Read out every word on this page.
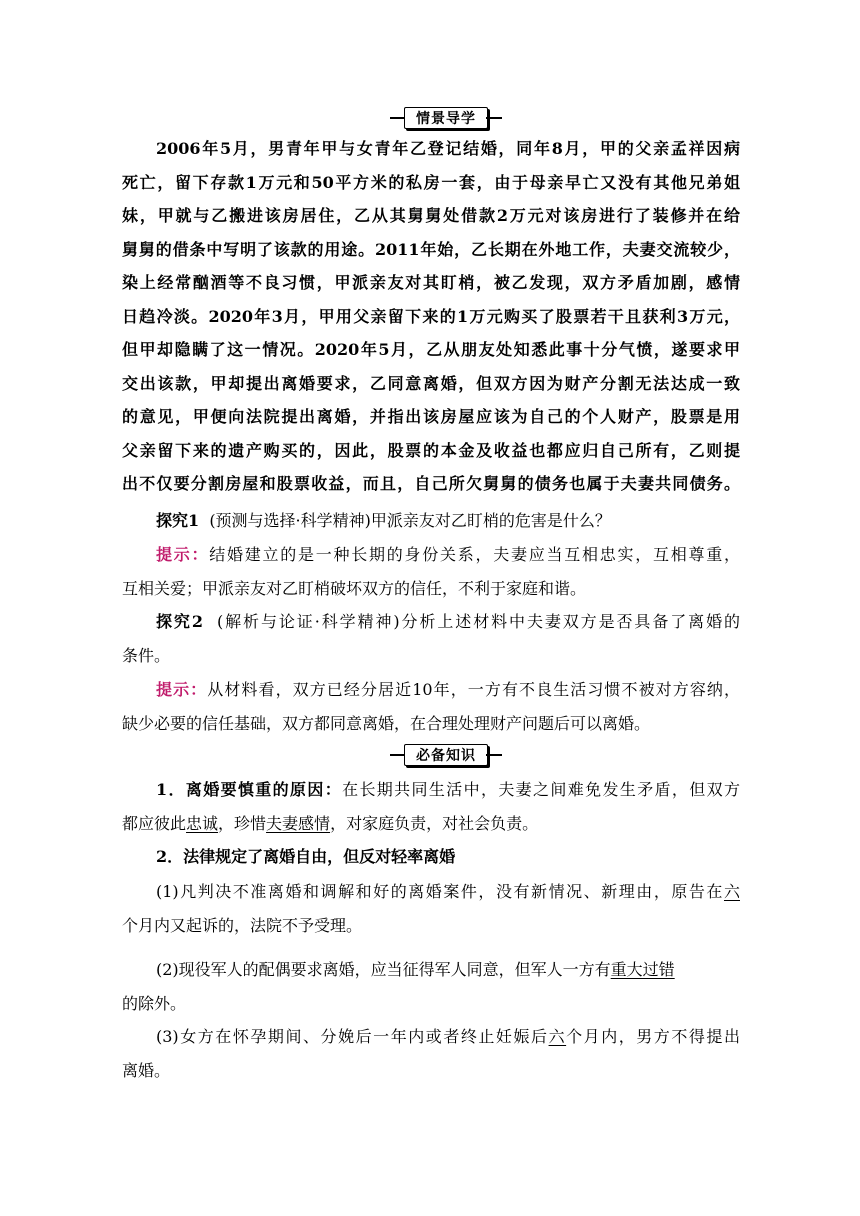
情景导学
2006年5月，男青年甲与女青年乙登记结婚，同年8月，甲的父亲孟祥因病
死亡，留下存款1万元和50平方米的私房一套，由于母亲早亡又没有其他兄弟姐
妹，甲就与乙搬进该房居住，乙从其舅舅处借款2万元对该房进行了装修并在给
舅舅的借条中写明了该款的用途。2011年始，乙长期在外地工作，夫妻交流较少，
染上经常酗酒等不良习惯，甲派亲友对其盯梢，被乙发现，双方矛盾加剧，感情
日趋冷淡。2020年3月，甲用父亲留下来的1万元购买了股票若干且获利3万元，
但甲却隐瞒了这一情况。2020年5月，乙从朋友处知悉此事十分气愤，遂要求甲
交出该款，甲却提出离婚要求，乙同意离婚，但双方因为财产分割无法达成一致
的意见，甲便向法院提出离婚，并指出该房屋应该为自己的个人财产，股票是用
父亲留下来的遗产购买的，因此，股票的本金及收益也都应归自己所有，乙则提
出不仅要分割房屋和股票收益，而且，自己所欠舅舅的债务也属于夫妻共同债务。
探究1 (预测与选择·科学精神)甲派亲友对乙盯梢的危害是什么？
提示：结婚建立的是一种长期的身份关系，夫妻应当互相忠实，互相尊重，
互相关爱；甲派亲友对乙盯梢破坏双方的信任，不利于家庭和谐。
探究2 (解析与论证·科学精神)分析上述材料中夫妻双方是否具备了离婚的
条件。
提示：从材料看，双方已经分居近10年，一方有不良生活习惯不被对方容纳，
缺少必要的信任基础，双方都同意离婚，在合理处理财产问题后可以离婚。
必备知识
1．离婚要慎重的原因：在长期共同生活中，夫妻之间难免发生矛盾，但双方
都应彼此忠诚，珍惜夫妻感情，对家庭负责，对社会负责。
2．法律规定了离婚自由，但反对轻率离婚
(1)凡判决不准离婚和调解和好的离婚案件，没有新情况、新理由，原告在六
个月内又起诉的，法院不予受理。
(2)现役军人的配偶要求离婚，应当征得军人同意，但军人一方有重大过错
的除外。
(3)女方在怀孕期间、分娩后一年内或者终止妊娠后六个月内，男方不得提出
离婚。
